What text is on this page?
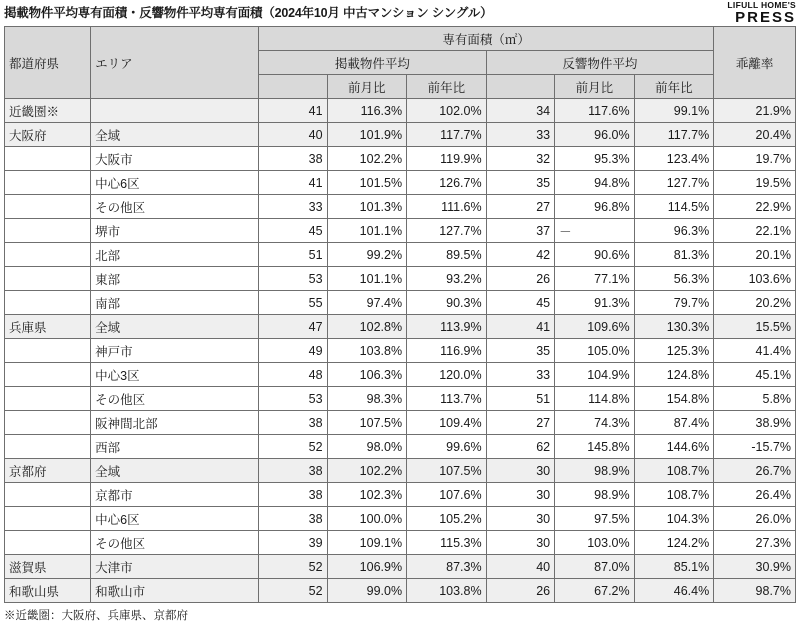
掲載物件平均専有面積・反響物件平均専有面積（2024年10月 中古マンション シングル）
LIFULL HOME'S
PRESS
都道府県	エリア	専有面積（㎡）						乖離率
		掲載物件平均			反響物件平均			
			前月比	前年比		前月比	前年比	
近畿圏※		41	116.3%	102.0%	34	117.6%	99.1%	21.9%
大阪府	全域	40	101.9%	117.7%	33	96.0%	117.7%	20.4%
	大阪市	38	102.2%	119.9%	32	95.3%	123.4%	19.7%
	中心6区	41	101.5%	126.7%	35	94.8%	127.7%	19.5%
	その他区	33	101.3%	111.6%	27	96.8%	114.5%	22.9%
	堺市	45	101.1%	127.7%	37	－	96.3%	22.1%
	北部	51	99.2%	89.5%	42	90.6%	81.3%	20.1%
	東部	53	101.1%	93.2%	26	77.1%	56.3%	103.6%
	南部	55	97.4%	90.3%	45	91.3%	79.7%	20.2%
兵庫県	全域	47	102.8%	113.9%	41	109.6%	130.3%	15.5%
	神戸市	49	103.8%	116.9%	35	105.0%	125.3%	41.4%
	中心3区	48	106.3%	120.0%	33	104.9%	124.8%	45.1%
	その他区	53	98.3%	113.7%	51	114.8%	154.8%	5.8%
	阪神間北部	38	107.5%	109.4%	27	74.3%	87.4%	38.9%
	西部	52	98.0%	99.6%	62	145.8%	144.6%	-15.7%
京都府	全域	38	102.2%	107.5%	30	98.9%	108.7%	26.7%
	京都市	38	102.3%	107.6%	30	98.9%	108.7%	26.4%
	中心6区	38	100.0%	105.2%	30	97.5%	104.3%	26.0%
	その他区	39	109.1%	115.3%	30	103.0%	124.2%	27.3%
滋賀県	大津市	52	106.9%	87.3%	40	87.0%	85.1%	30.9%
和歌山県	和歌山市	52	99.0%	103.8%	26	67.2%	46.4%	98.7%
※近畿圏：大阪府、兵庫県、京都府
